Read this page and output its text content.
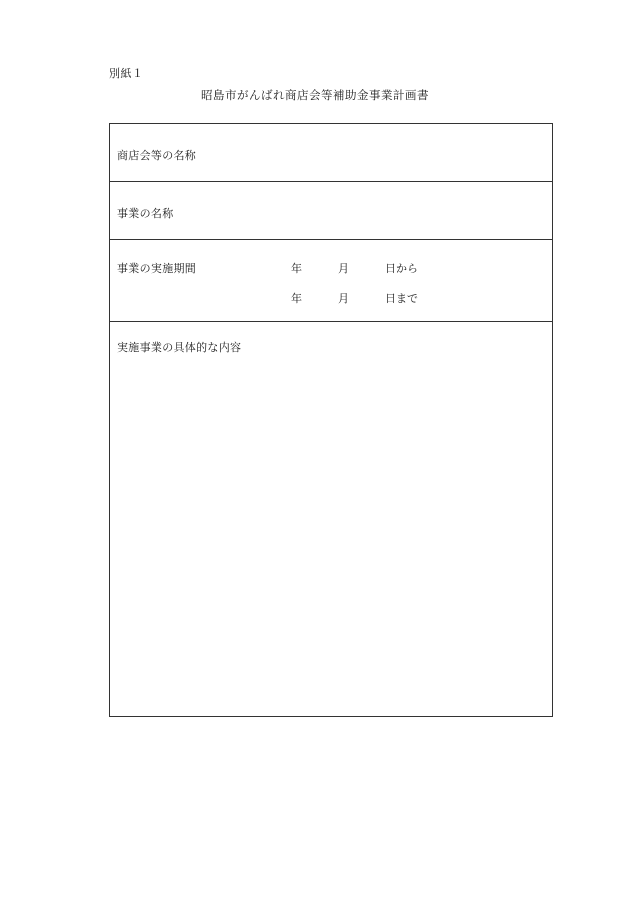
別紙１
昭島市がんばれ商店会等補助金事業計画書
商店会等の名称
事業の名称
事業の実施期間	年	月	日から
年	月	日まで
実施事業の具体的な内容
